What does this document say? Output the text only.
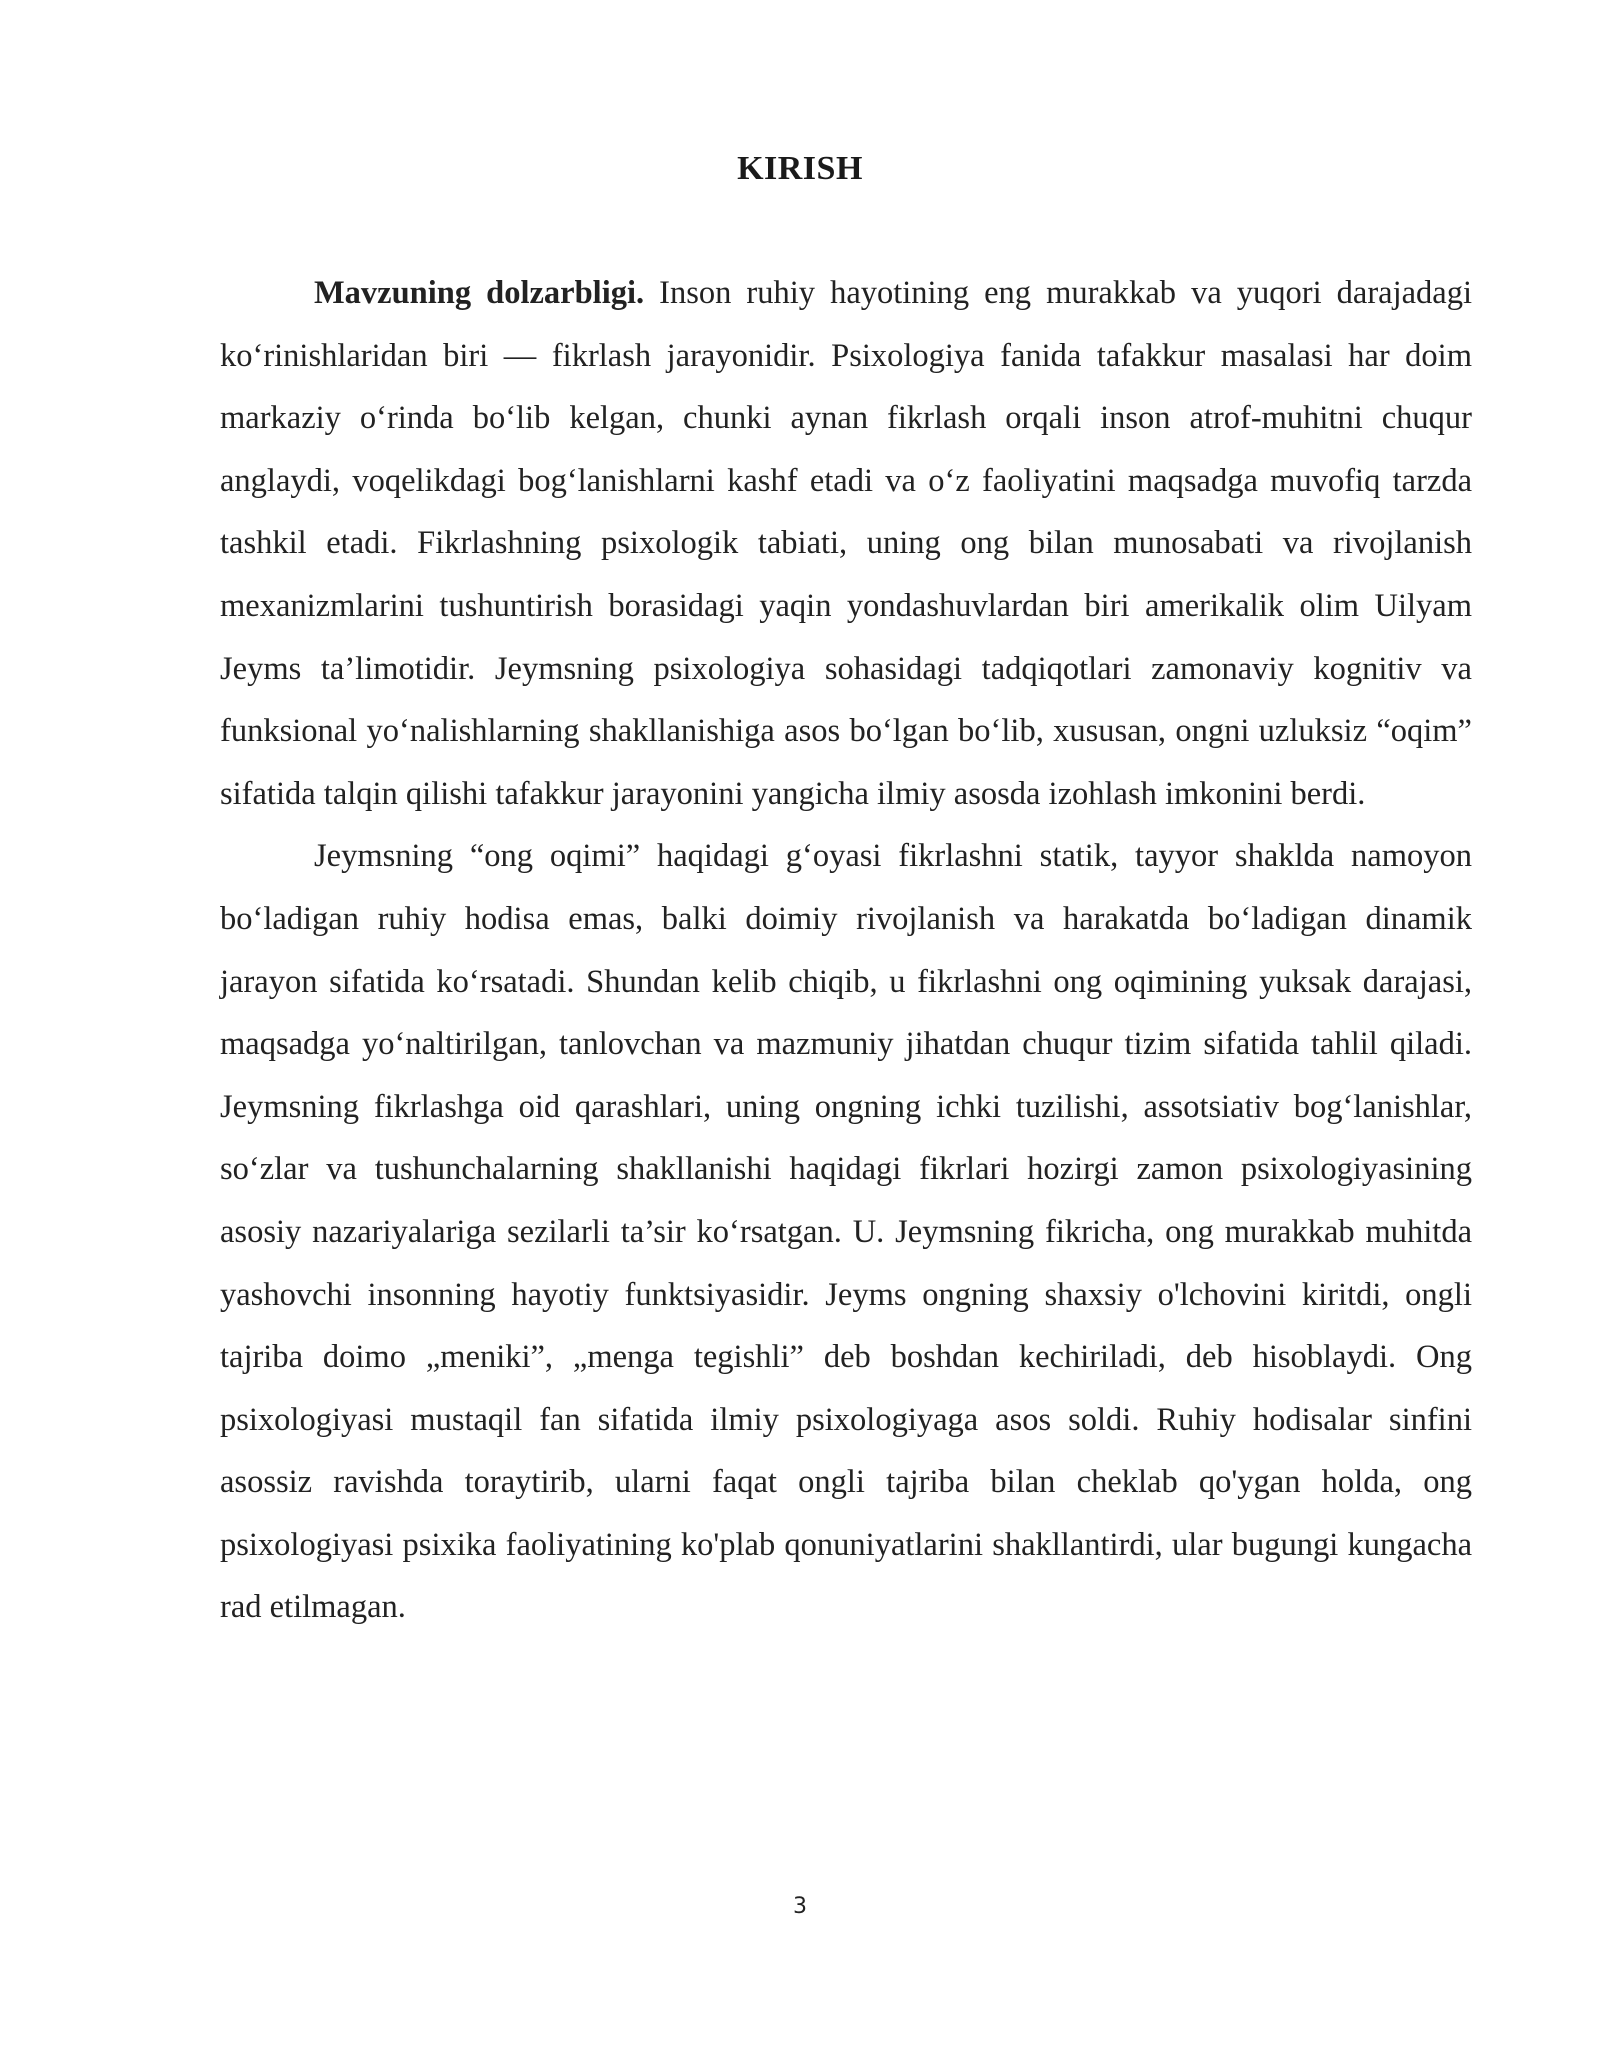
KIRISH

Mavzuning dolzarbligi. Inson ruhiy hayotining eng murakkab va yuqori darajadagi ko‘rinishlaridan biri — fikrlash jarayonidir. Psixologiya fanida tafakkur masalasi har doim markaziy o‘rinda bo‘lib kelgan, chunki aynan fikrlash orqali inson atrof-muhitni chuqur anglaydi, voqelikdagi bog‘lanishlarni kashf etadi va o‘z faoliyatini maqsadga muvofiq tarzda tashkil etadi. Fikrlashning psixologik tabiati, uning ong bilan munosabati va rivojlanish mexanizmlarini tushuntirish borasidagi yaqin yondashuvlardan biri amerikalik olim Uilyam Jeyms ta’limotidir. Jeymsning psixologiya sohasidagi tadqiqotlari zamonaviy kognitiv va funksional yo‘nalishlarning shakllanishiga asos bo‘lgan bo‘lib, xususan, ongni uzluksiz “oqim” sifatida talqin qilishi tafakkur jarayonini yangicha ilmiy asosda izohlash imkonini berdi.

Jeymsning “ong oqimi” haqidagi g‘oyasi fikrlashni statik, tayyor shaklda namoyon bo‘ladigan ruhiy hodisa emas, balki doimiy rivojlanish va harakatda bo‘ladigan dinamik jarayon sifatida ko‘rsatadi. Shundan kelib chiqib, u fikrlashni ong oqimining yuksak darajasi, maqsadga yo‘naltirilgan, tanlovchan va mazmuniy jihatdan chuqur tizim sifatida tahlil qiladi. Jeymsning fikrlashga oid qarashlari, uning ongning ichki tuzilishi, assotsiativ bog‘lanishlar, so‘zlar va tushunchalarning shakllanishi haqidagi fikrlari hozirgi zamon psixologiyasining asosiy nazariyalariga sezilarli ta’sir ko‘rsatgan. U. Jeymsning fikricha, ong murakkab muhitda yashovchi insonning hayotiy funktsiyasidir. Jeyms ongning shaxsiy o'lchovini kiritdi, ongli tajriba doimo „meniki”, „menga tegishli” deb boshdan kechiriladi, deb hisoblaydi. Ong psixologiyasi mustaqil fan sifatida ilmiy psixologiyaga asos soldi. Ruhiy hodisalar sinfini asossiz ravishda toraytirib, ularni faqat ongli tajriba bilan cheklab qo'ygan holda, ong psixologiyasi psixika faoliyatining ko'plab qonuniyatlarini shakllantirdi, ular bugungi kungacha rad etilmagan.

3
